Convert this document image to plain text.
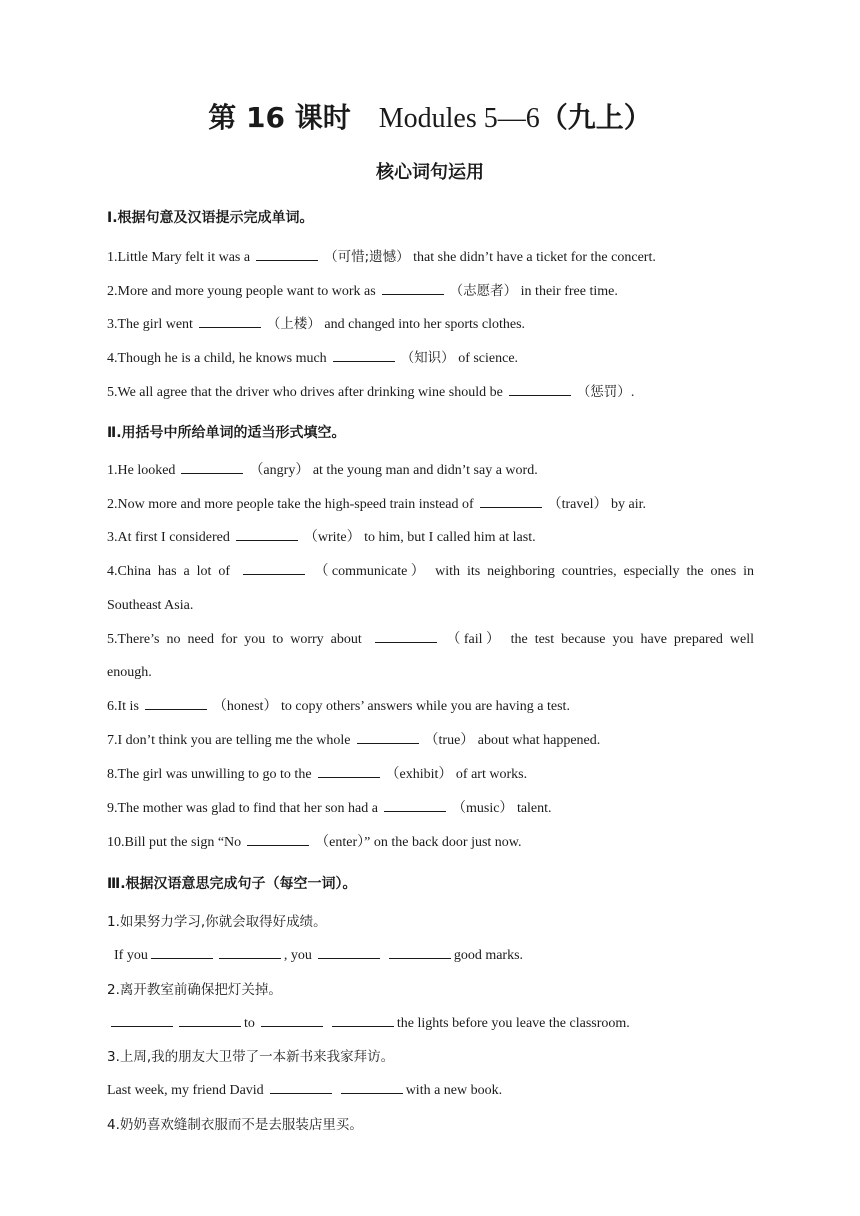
第 16 课时 Modules 5—6（九上）
核心词句运用
Ⅰ.根据句意及汉语提示完成单词。
1.Little Mary felt it was a	（可惜;遗憾） that she didn’t have a ticket for the concert.
2.More and more young people want to work as	（志愿者） in their free time.
3.The girl went	（上楼） and changed into her sports clothes.
4.Though he is a child, he knows much	（知识） of science.
5.We all agree that the driver who drives after drinking wine should be	（惩罚）.
Ⅱ.用括号中所给单词的适当形式填空。
1.He looked	（angry） at the young man and didn’t say a word.
2.Now more and more people take the high-speed train instead of	（travel） by air.
3.At first I considered	（write） to him, but I called him at last.
4.China has a lot of	（communicate） with its neighboring countries, especially the ones in
Southeast Asia.
5.There’s no need for you to worry about	（fail） the test because you have prepared well
enough.
6.It is	（honest） to copy others’ answers while you are having a test.
7.I don’t think you are telling me the whole	（true） about what happened.
8.The girl was unwilling to go to the	（exhibit） of art works.
9.The mother was glad to find that her son had a	（music） talent.
10.Bill put the sign “No	（enter）” on the back door just now.
Ⅲ.根据汉语意思完成句子（每空一词）。
1.如果努力学习,你就会取得好成绩。
If you	, you	good marks.
2.离开教室前确保把灯关掉。
to	the lights before you leave the classroom.
3.上周,我的朋友大卫带了一本新书来我家拜访。
Last week, my friend David	with a new book.
4.奶奶喜欢缝制衣服而不是去服装店里买。
